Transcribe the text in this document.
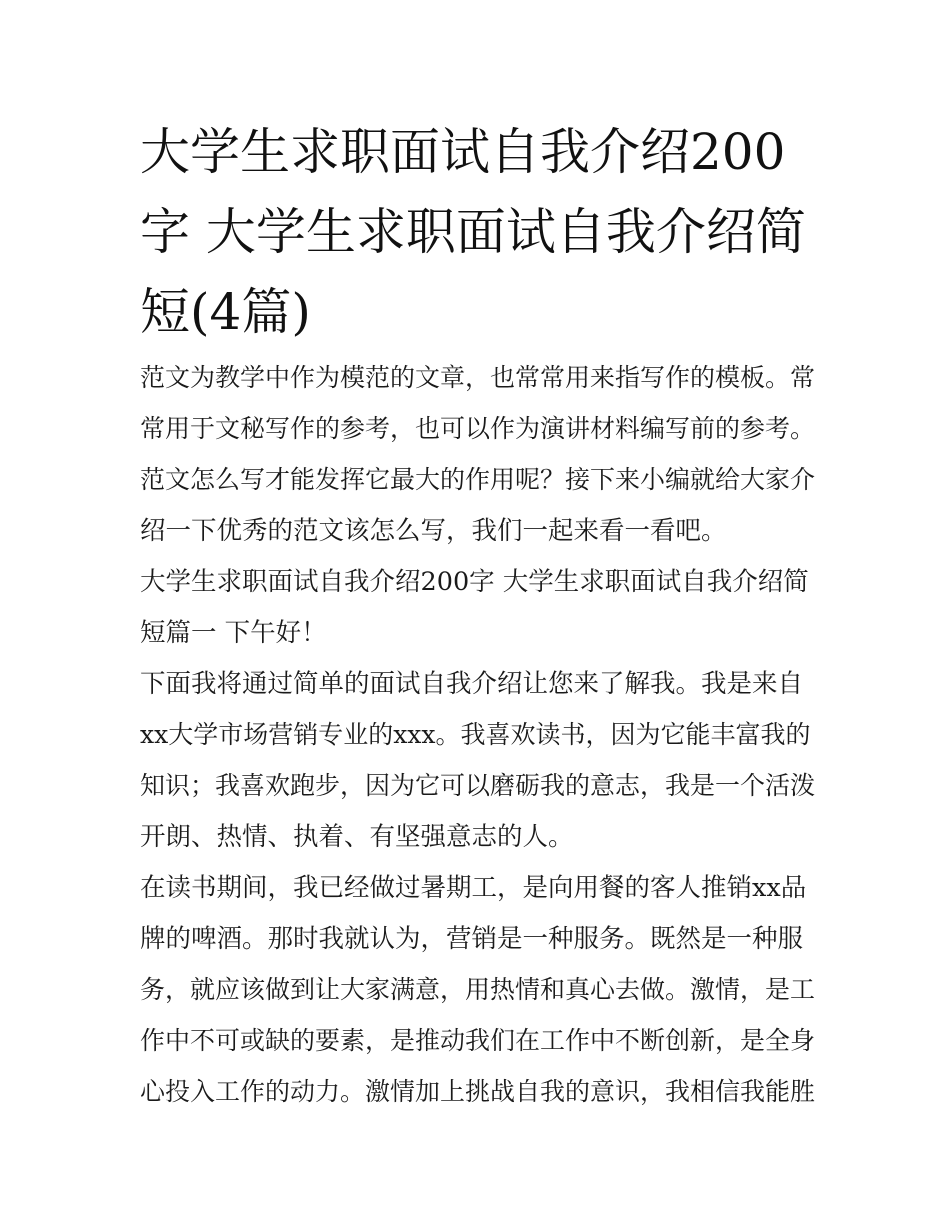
大学生求职面试自我介绍200字 大学生求职面试自我介绍简短(4篇)

范文为教学中作为模范的文章，也常常用来指写作的模板。常

常用于文秘写作的参考，也可以作为演讲材料编写前的参考。

范文怎么写才能发挥它最大的作用呢？接下来小编就给大家介

绍一下优秀的范文该怎么写，我们一起来看一看吧。

大学生求职面试自我介绍200字 大学生求职面试自我介绍简

短篇一 下午好！

下面我将通过简单的面试自我介绍让您来了解我。我是来自

xx大学市场营销专业的xxx。我喜欢读书，因为它能丰富我的

知识；我喜欢跑步，因为它可以磨砺我的意志，我是一个活泼

开朗、热情、执着、有坚强意志的人。

在读书期间，我已经做过暑期工，是向用餐的客人推销xx品

牌的啤酒。那时我就认为，营销是一种服务。既然是一种服

务，就应该做到让大家满意，用热情和真心去做。激情，是工

作中不可或缺的要素，是推动我们在工作中不断创新，是全身

心投入工作的动力。激情加上挑战自我的意识，我相信我能胜
